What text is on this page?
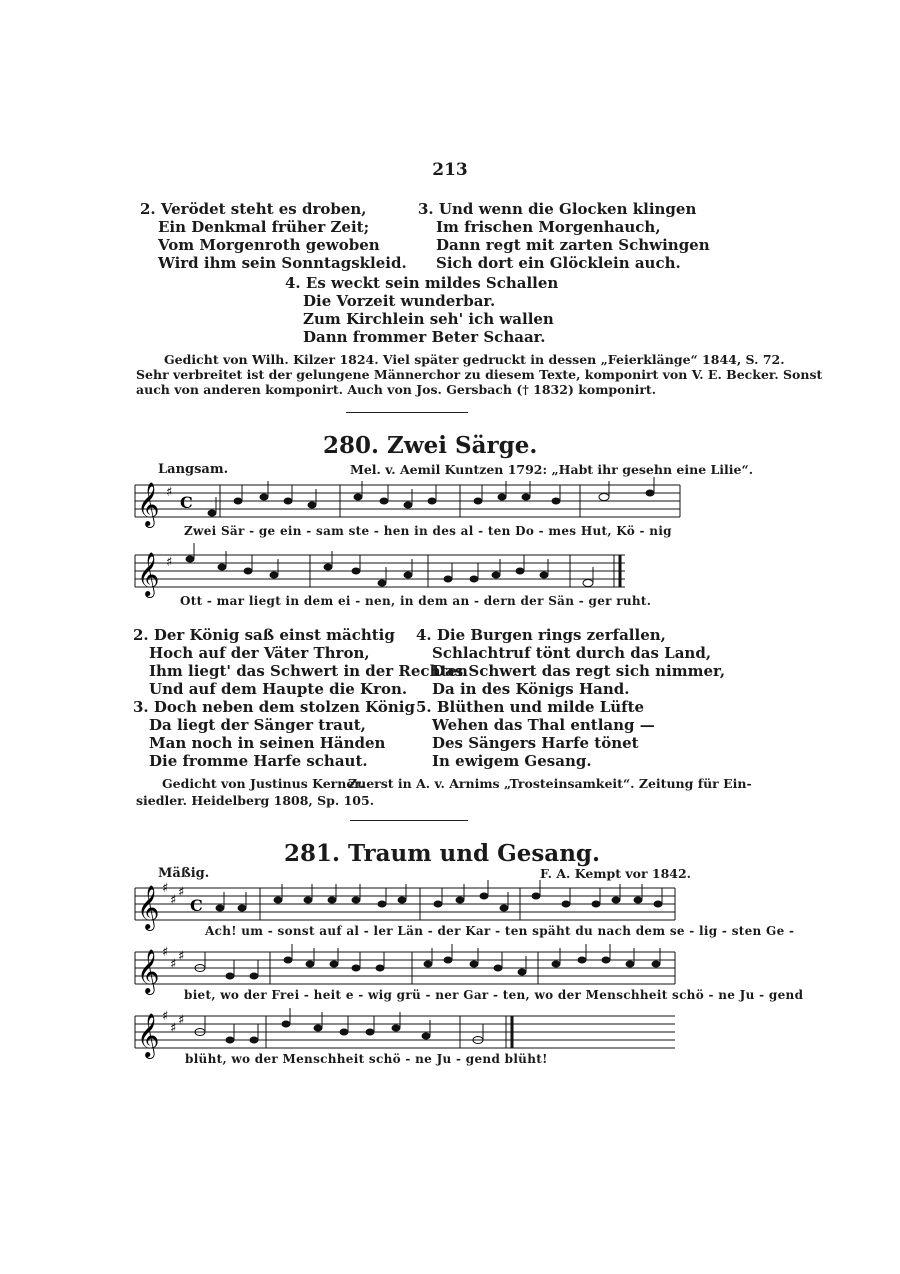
213
2. Verödet steht es droben,
Ein Denkmal früher Zeit;
Vom Morgenroth gewoben
Wird ihm sein Sonntagskleid.
3. Und wenn die Glocken klingen
Im frischen Morgenhauch,
Dann regt mit zarten Schwingen
Sich dort ein Glöcklein auch.
4. Es weckt sein mildes Schallen
Die Vorzeit wunderbar.
Zum Kirchlein seh' ich wallen
Dann frommer Beter Schaar.
Gedicht von Wilh. Kilzer 1824. Viel später gedruckt in dessen „Feierklänge“ 1844, S. 72.
Sehr verbreitet ist der gelungene Männerchor zu diesem Texte, komponirt von V. E. Becker. Sonst
auch von anderen komponirt. Auch von Jos. Gersbach († 1832) komponirt.
280. Zwei Särge.
Langsam.	Mel. v. Aemil Kuntzen 1792: „Habt ihr gesehn eine Lilie“.
𝄞 ♯
C
Zwei Sär - ge ein - sam ste - hen in des al - ten Do - mes Hut, Kö - nig
𝄞 ♯
Ott - mar liegt in dem ei - nen, in dem an - dern der Sän - ger ruht.
2. Der König saß einst mächtig
Hoch auf der Väter Thron,
Ihm liegt' das Schwert in der Rechten
Und auf dem Haupte die Kron.
4. Die Burgen rings zerfallen,
Schlachtruf tönt durch das Land,
Das Schwert das regt sich nimmer,
Da in des Königs Hand.
3. Doch neben dem stolzen König
Da liegt der Sänger traut,
Man noch in seinen Händen
Die fromme Harfe schaut.
5. Blüthen und milde Lüfte
Wehen das Thal entlang —
Des Sängers Harfe tönet
In ewigem Gesang.
Gedicht von Justinus Kerner.
Zuerst in A. v. Arnims „Trosteinsamkeit“. Zeitung für Ein-
siedler. Heidelberg 1808, Sp. 105.
281. Traum und Gesang.
Mäßig.	F. A. Kempt vor 1842.
𝄞 ♯
♯
♯
C
Ach! um - sonst auf al - ler Län - der Kar - ten späht du nach dem se - lig - sten Ge -
𝄞 ♯
♯
♯
biet, wo der Frei - heit e - wig grü - ner Gar - ten, wo der Menschheit schö - ne Ju - gend
𝄞 ♯
♯
♯
blüht, wo der Menschheit schö - ne Ju - gend blüht!
